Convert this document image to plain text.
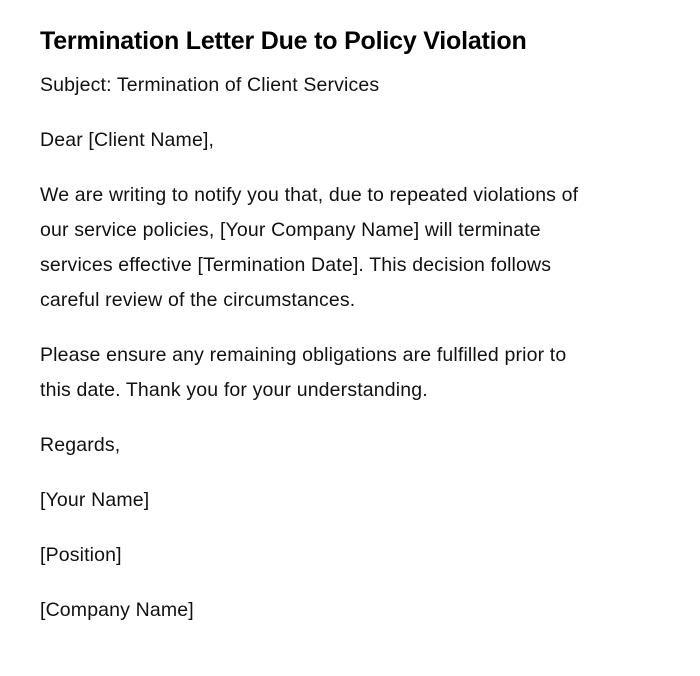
Termination Letter Due to Policy Violation

Subject: Termination of Client Services

Dear [Client Name],

We are writing to notify you that, due to repeated violations of

our service policies, [Your Company Name] will terminate

services effective [Termination Date]. This decision follows

careful review of the circumstances.

Please ensure any remaining obligations are fulfilled prior to

this date. Thank you for your understanding.

Regards,

[Your Name]

[Position]

[Company Name]
